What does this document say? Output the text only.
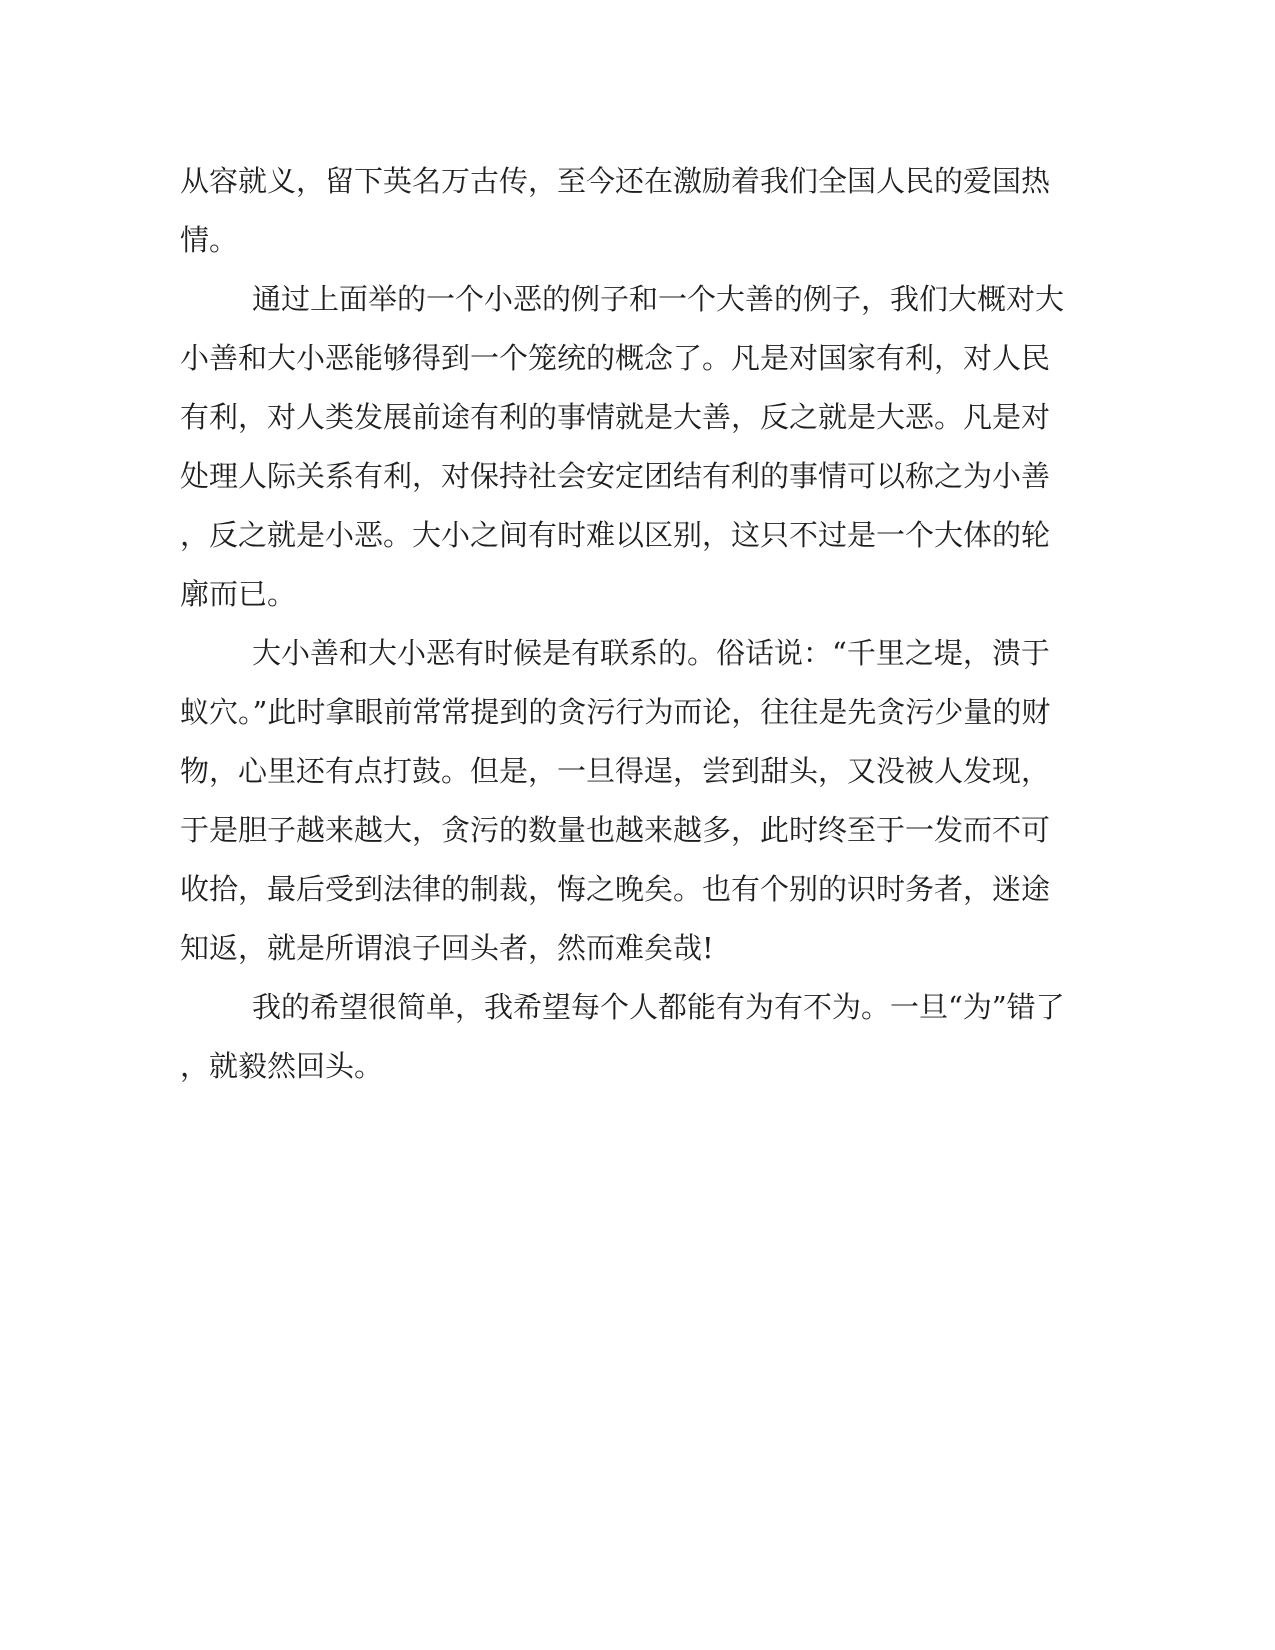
从容就义，留下英名万古传，至今还在激励着我们全国人民的爱国热
情。
通过上面举的一个小恶的例子和一个大善的例子，我们大概对大
小善和大小恶能够得到一个笼统的概念了。凡是对国家有利，对人民
有利，对人类发展前途有利的事情就是大善，反之就是大恶。凡是对
处理人际关系有利，对保持社会安定团结有利的事情可以称之为小善
，反之就是小恶。大小之间有时难以区别，这只不过是一个大体的轮
廓而已。
大小善和大小恶有时候是有联系的。俗话说：“千里之堤，溃于
蚁穴。”此时拿眼前常常提到的贪污行为而论，往往是先贪污少量的财
物，心里还有点打鼓。但是，一旦得逞，尝到甜头，又没被人发现，
于是胆子越来越大，贪污的数量也越来越多，此时终至于一发而不可
收拾，最后受到法律的制裁，悔之晚矣。也有个别的识时务者，迷途
知返，就是所谓浪子回头者，然而难矣哉!
我的希望很简单，我希望每个人都能有为有不为。一旦“为”错了
，就毅然回头。
